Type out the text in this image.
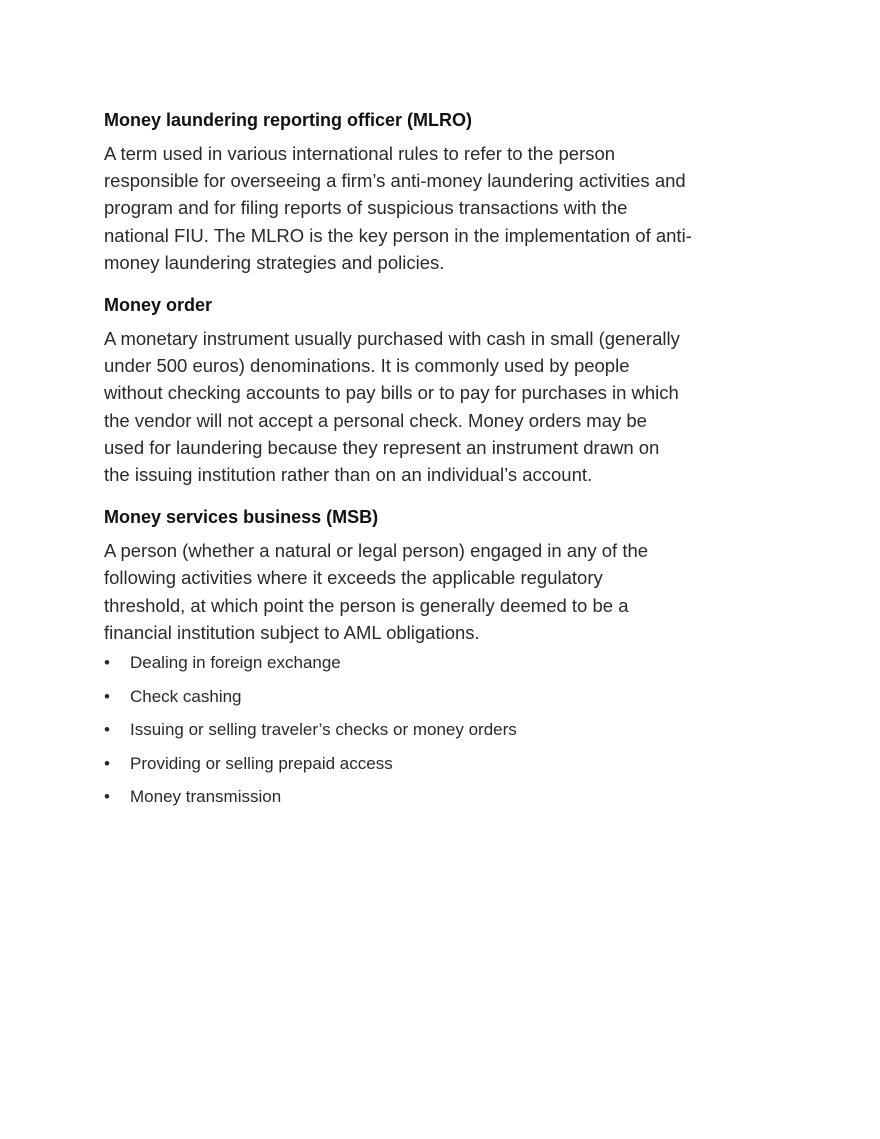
Money laundering reporting officer (MLRO)

A term used in various international rules to refer to the person
responsible for overseeing a firm’s anti-money laundering activities and
program and for filing reports of suspicious transactions with the
national FIU. The MLRO is the key person in the implementation of anti-
money laundering strategies and policies.

Money order

A monetary instrument usually purchased with cash in small (generally
under 500 euros) denominations. It is commonly used by people
without checking accounts to pay bills or to pay for purchases in which
the vendor will not accept a personal check. Money orders may be
used for laundering because they represent an instrument drawn on
the issuing institution rather than on an individual’s account.

Money services business (MSB)

A person (whether a natural or legal person) engaged in any of the
following activities where it exceeds the applicable regulatory
threshold, at which point the person is generally deemed to be a
financial institution subject to AML obligations.

• Dealing in foreign exchange
• Check cashing
• Issuing or selling traveler’s checks or money orders
• Providing or selling prepaid access
• Money transmission
